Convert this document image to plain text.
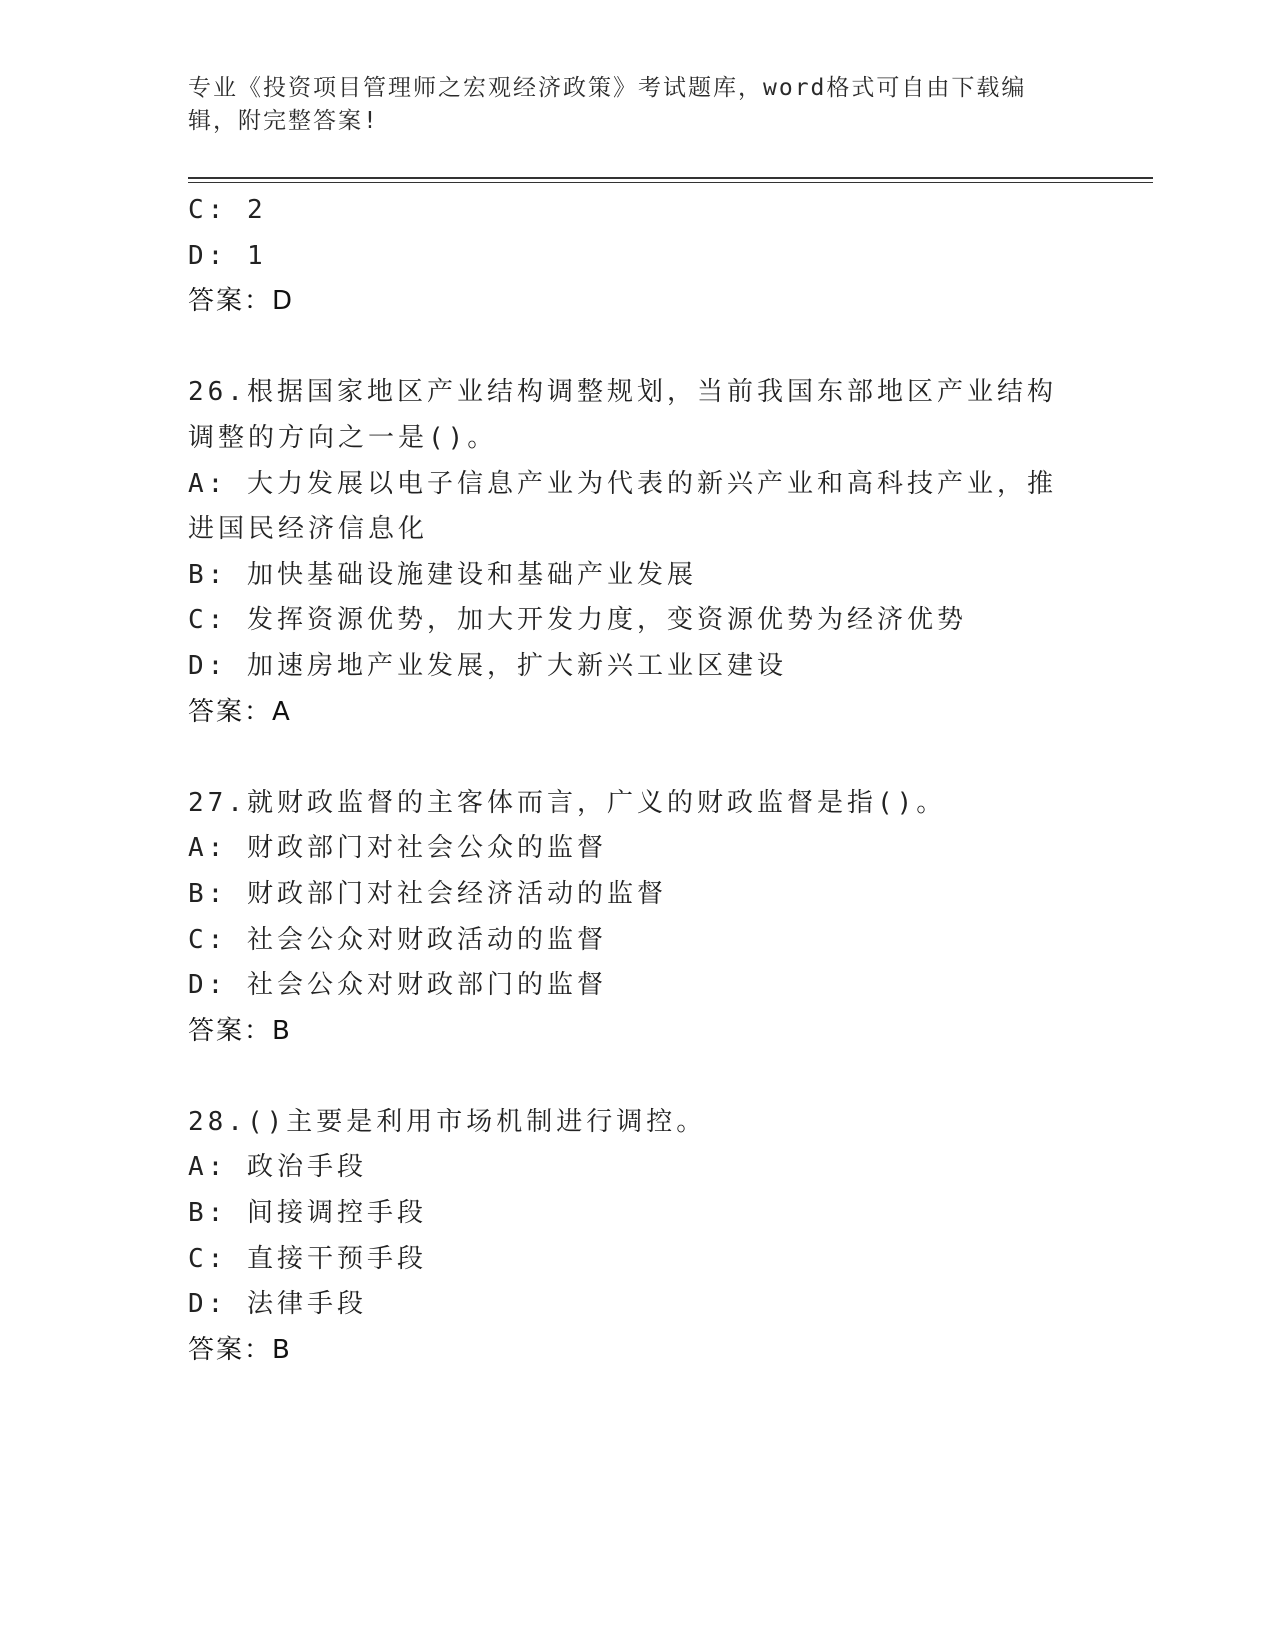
专业《投资项目管理师之宏观经济政策》考试题库，word格式可自由下载编辑，附完整答案!

C: 2

D: 1

答案：D

26.根据国家地区产业结构调整规划，当前我国东部地区产业结构调整的方向之一是()。

A: 大力发展以电子信息产业为代表的新兴产业和高科技产业，推进国民经济信息化

B: 加快基础设施建设和基础产业发展

C: 发挥资源优势，加大开发力度，变资源优势为经济优势

D: 加速房地产业发展，扩大新兴工业区建设

答案：A

27.就财政监督的主客体而言，广义的财政监督是指()。

A: 财政部门对社会公众的监督

B: 财政部门对社会经济活动的监督

C: 社会公众对财政活动的监督

D: 社会公众对财政部门的监督

答案：B

28.()主要是利用市场机制进行调控。

A: 政治手段

B: 间接调控手段

C: 直接干预手段

D: 法律手段

答案：B
